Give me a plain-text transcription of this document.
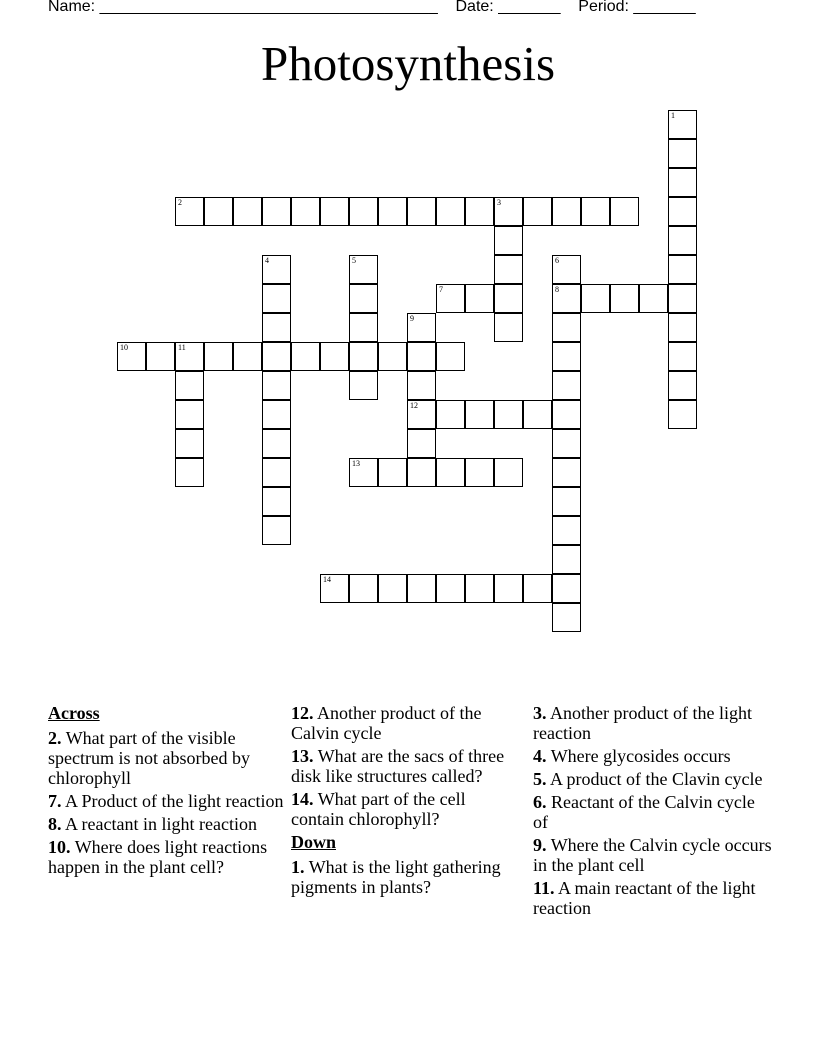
Name: ______________________________________ Date: _______ Period: _______
Photosynthesis
1
2	3
4	5	6
8
7
9
12
10	11
13
14
Across
2. What part of the visible spectrum is not absorbed by chlorophyll
7. A Product of the light reaction
8. A reactant in light reaction
10. Where does light reactions happen in the plant cell?
12. Another product of the Calvin cycle
13. What are the sacs of three disk like structures called?
14. What part of the cell contain chlorophyll?
Down
1. What is the light gathering pigments in plants?
3. Another product of the light reaction
4. Where glycosides occurs
5. A product of the Clavin cycle
6. Reactant of the Calvin cycle of
9. Where the Calvin cycle occurs in the plant cell
11. A main reactant of the light reaction
